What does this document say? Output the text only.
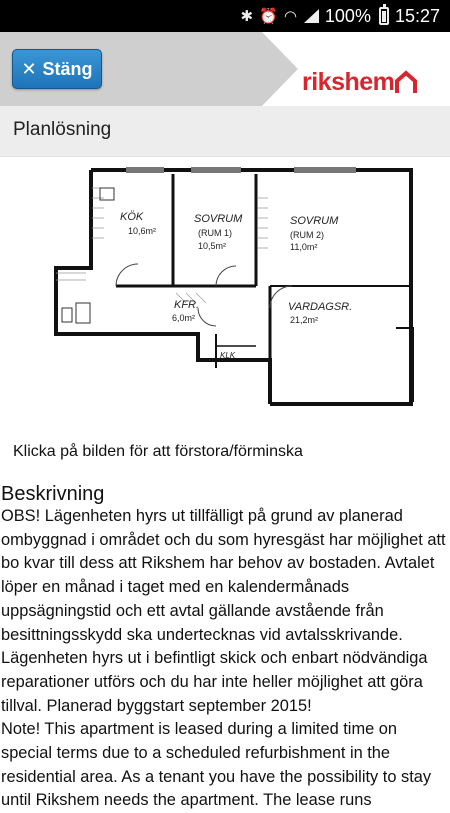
✱ ⏰ ◠ 100% 15:27
✕ Stäng	rikshem
Planlösning
KÖK
10,6m²
SOVRUM
(RUM 1)
10,5m²
SOVRUM
(RUM 2)
11,0m²
KFR.
6,0m²
VARDAGSR.
21,2m²
KLK
Klicka på bilden för att förstora/förminska
Beskrivning

OBS! Lägenheten hyrs ut tillfälligt på grund av planerad ombyggnad i området och du som hyresgäst har möjlighet att bo kvar till dess att Rikshem har behov av bostaden. Avtalet löper en månad i taget med en kalendermånads uppsägningstid och ett avtal gällande avstående från besittningsskydd ska undertecknas vid avtalsskrivande. Lägenheten hyrs ut i befintligt skick och enbart nödvändiga reparationer utförs och du har inte heller möjlighet att göra tillval. Planerad byggstart september 2015!

Note! This apartment is leased during a limited time on special terms due to a scheduled refurbishment in the residential area. As a tenant you have the possibility to stay until Rikshem needs the apartment. The lease runs
